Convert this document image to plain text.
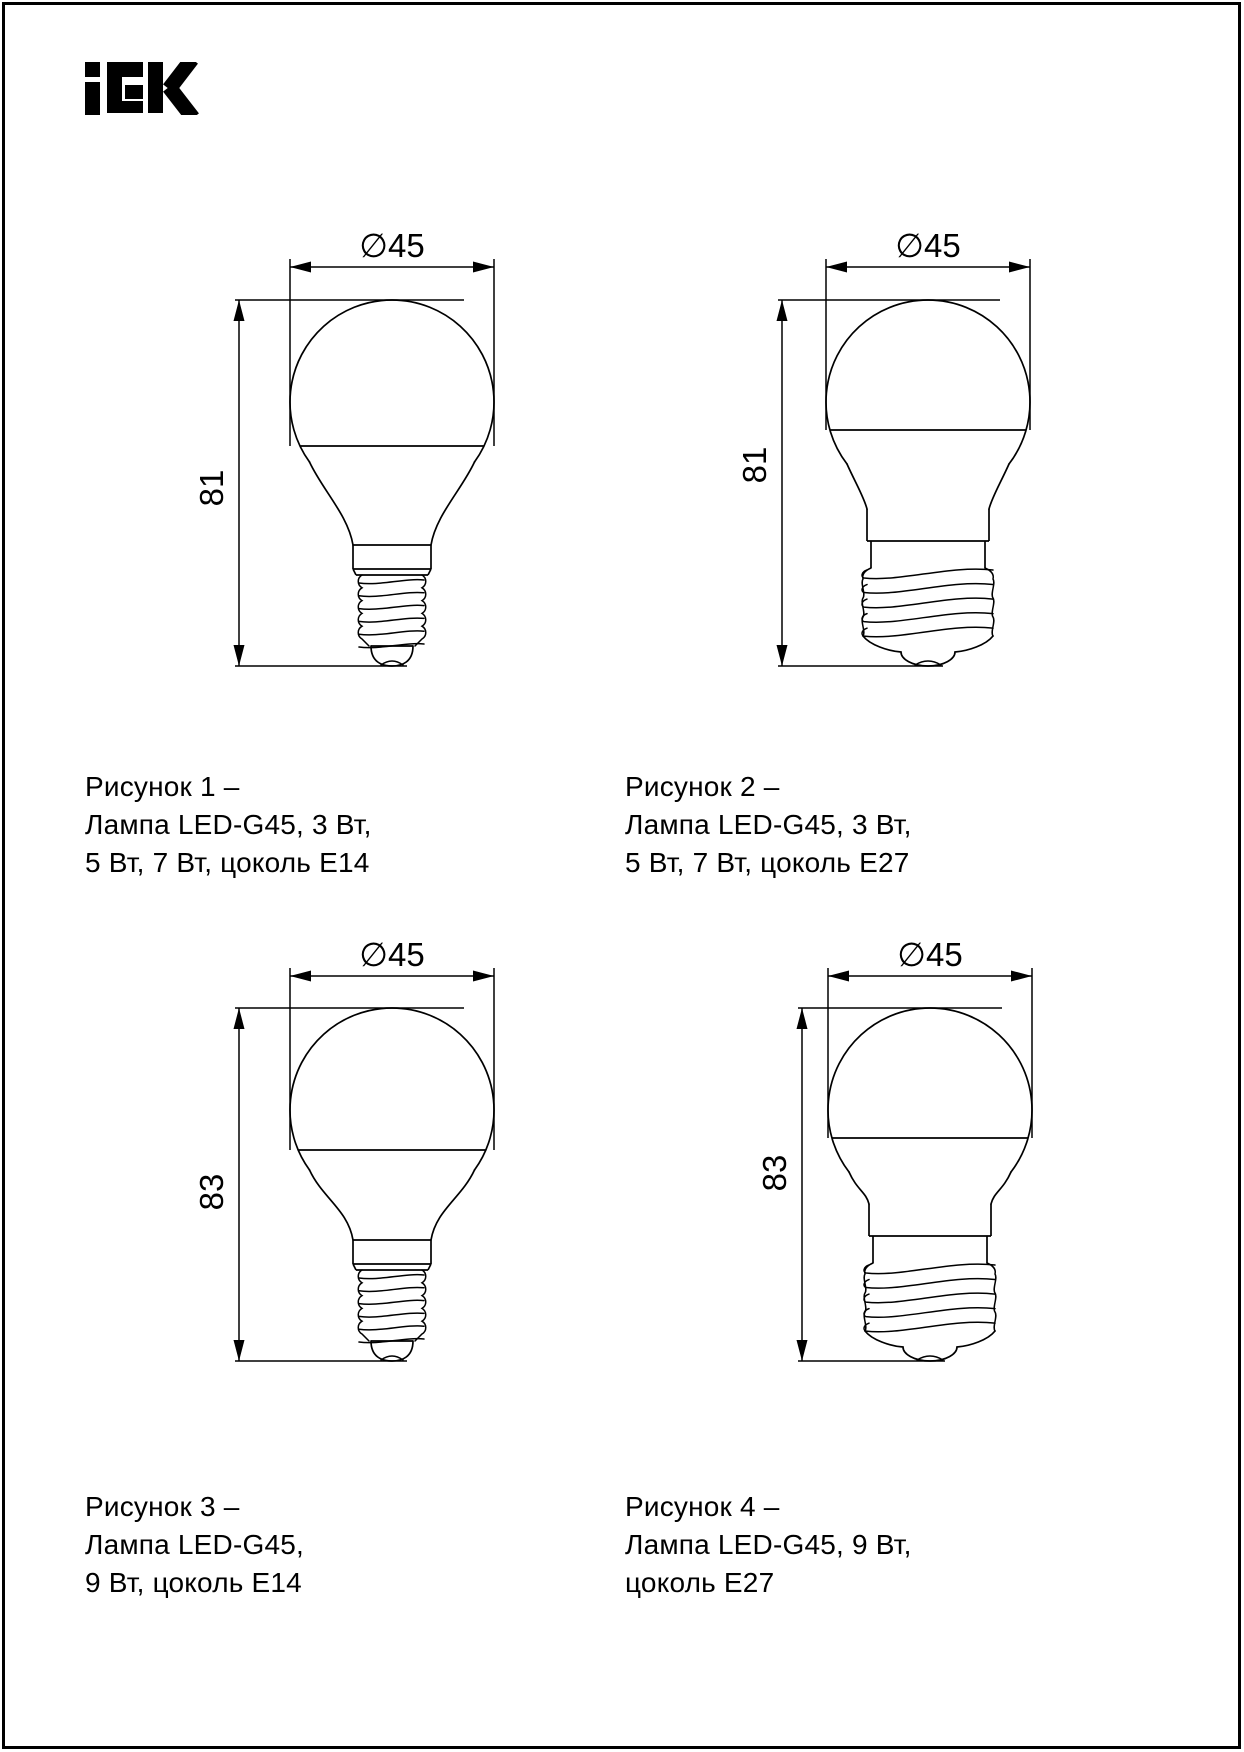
∅45
81
∅45
81
∅45
83
∅45
83
Рисунок 1 –
Лампа LED-G45, 3 Вт,
5 Вт, 7 Вт, цоколь Е14
Рисунок 2 –
Лампа LED-G45, 3 Вт,
5 Вт, 7 Вт, цоколь Е27
Рисунок 3 –
Лампа LED-G45,
9 Вт, цоколь Е14
Рисунок 4 –
Лампа LED-G45, 9 Вт,
цоколь Е27
